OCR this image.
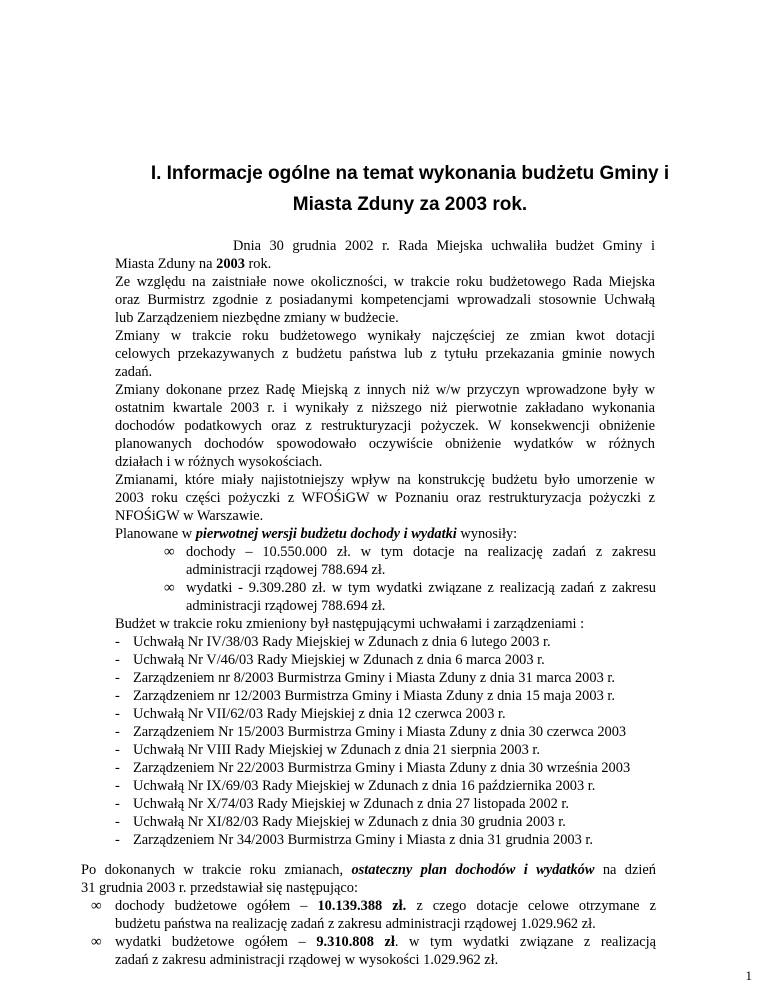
I. Informacje ogólne na temat wykonania budżetu Gminy i
Miasta Zduny za 2003 rok.
Dnia 30 grudnia 2002 r. Rada Miejska uchwaliła budżet Gminy i
Miasta Zduny na 2003 rok.
Ze względu na zaistniałe nowe okoliczności, w trakcie roku budżetowego Rada Miejska
oraz Burmistrz zgodnie z posiadanymi kompetencjami wprowadzali stosownie Uchwałą
lub Zarządzeniem niezbędne zmiany w budżecie.
Zmiany w trakcie roku budżetowego wynikały najczęściej ze zmian kwot dotacji
celowych przekazywanych z budżetu państwa lub z tytułu przekazania gminie nowych
zadań.
Zmiany dokonane przez Radę Miejską z innych niż w/w przyczyn wprowadzone były w
ostatnim kwartale 2003 r. i wynikały z niższego niż pierwotnie zakładano wykonania
dochodów podatkowych oraz z restrukturyzacji pożyczek. W konsekwencji obniżenie
planowanych dochodów spowodowało oczywiście obniżenie wydatków w różnych
działach i w różnych wysokościach.
Zmianami, które miały najistotniejszy wpływ na konstrukcję budżetu było umorzenie w
2003 roku części pożyczki z WFOŚiGW w Poznaniu oraz restrukturyzacja pożyczki z
NFOŚiGW w Warszawie.
Planowane w pierwotnej wersji budżetu dochody i wydatki wynosiły:
∞ dochody – 10.550.000 zł. w tym dotacje na realizację zadań z zakresu
administracji rządowej 788.694 zł.
∞ wydatki - 9.309.280 zł. w tym wydatki związane z realizacją zadań z zakresu
administracji rządowej 788.694 zł.
Budżet w trakcie roku zmieniony był następującymi uchwałami i zarządzeniami :
- Uchwałą Nr IV/38/03 Rady Miejskiej w Zdunach z dnia 6 lutego 2003 r.
- Uchwałą Nr V/46/03 Rady Miejskiej w Zdunach z dnia 6 marca 2003 r.
- Zarządzeniem nr 8/2003 Burmistrza Gminy i Miasta Zduny z dnia 31 marca 2003 r.
- Zarządzeniem nr 12/2003 Burmistrza Gminy i Miasta Zduny z dnia 15 maja 2003 r.
- Uchwałą Nr VII/62/03 Rady Miejskiej z dnia 12 czerwca 2003 r.
- Zarządzeniem Nr 15/2003 Burmistrza Gminy i Miasta Zduny z dnia 30 czerwca 2003
- Uchwałą Nr VIII Rady Miejskiej w Zdunach z dnia 21 sierpnia 2003 r.
- Zarządzeniem Nr 22/2003 Burmistrza Gminy i Miasta Zduny z dnia 30 września 2003
- Uchwałą Nr IX/69/03 Rady Miejskiej w Zdunach z dnia 16 października 2003 r.
- Uchwałą Nr X/74/03 Rady Miejskiej w Zdunach z dnia 27 listopada 2002 r.
- Uchwałą Nr XI/82/03 Rady Miejskiej w Zdunach z dnia 30 grudnia 2003 r.
- Zarządzeniem Nr 34/2003 Burmistrza Gminy i Miasta z dnia 31 grudnia 2003 r.
Po dokonanych w trakcie roku zmianach, ostateczny plan dochodów i wydatków na dzień
31 grudnia 2003 r. przedstawiał się następująco:
∞ dochody budżetowe ogółem – 10.139.388 zł. z czego dotacje celowe otrzymane z
budżetu państwa na realizację zadań z zakresu administracji rządowej 1.029.962 zł.
∞ wydatki budżetowe ogółem – 9.310.808 zł. w tym wydatki związane z realizacją
zadań z zakresu administracji rządowej w wysokości 1.029.962 zł.
1
